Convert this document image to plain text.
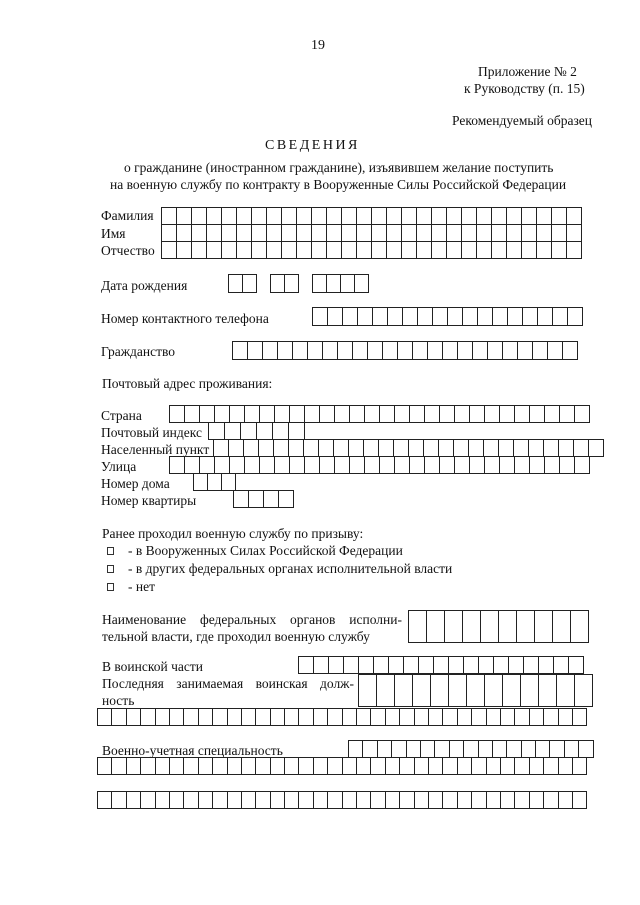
19
Приложение № 2
к Руководству (п. 15)
Рекомендуемый образец
СВЕДЕНИЯ
о гражданине (иностранном гражданине), изъявившем желание поступить
на военную службу по контракту в Вооруженные Силы Российской Федерации
Фамилия
Имя
Отчество
Дата рождения
Номер контактного телефона
Гражданство
Почтовый адрес проживания:
Страна
Почтовый индекс
Населенный пункт
Улица
Номер дома
Номер квартиры
Ранее проходил военную службу по призыву:
- в Вооруженных Силах Российской Федерации
- в других федеральных органах исполнительной власти
- нет
Наименование федеральных органов исполни-
тельной власти, где проходил военную службу
В воинской части
Последняя занимаемая воинская долж-
ность
Военно-учетная специальность
